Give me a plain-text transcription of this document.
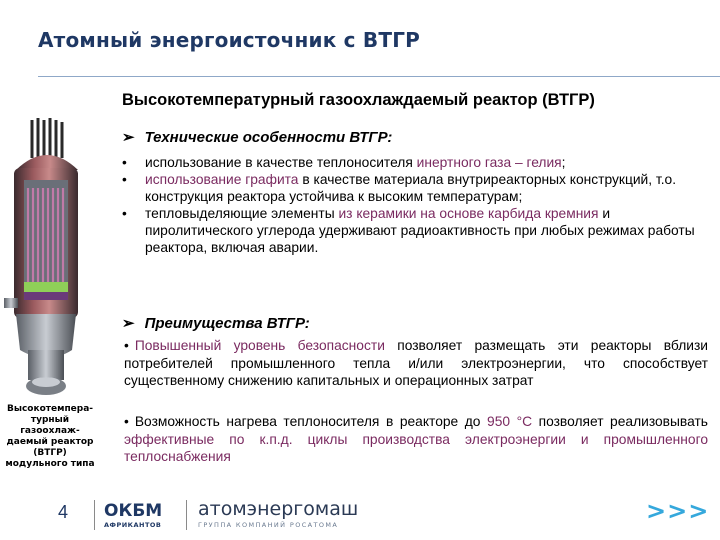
Атомный энергоисточник с ВТГР
Высокотемпературный газоохлаждаемый реактор (ВТГР)
Высокотемпера-турный газоохлаж-даемый реактор (ВТГР) модульного типа
➢ Технические особенности ВТГР:
•	использование в качестве теплоносителя инертного газа – гелия;
•	использование графита в качестве материала внутриреакторных конструкций, т.о. конструкция реактора устойчива к высоким температурам;
•	тепловыделяющие элементы из керамики на основе карбида кремния и пиролитического углерода удерживают радиоактивность при любых режимах работы реактора, включая аварии.
➢ Преимущества ВТГР:
• Повышенный уровень безопасности позволяет размещать эти реакторы вблизи потребителей промышленного тепла и/или электроэнергии, что способствует существенному снижению капитальных и операционных затрат
• Возможность нагрева теплоносителя в реакторе до 950 °С позволяет реализовывать эффективные по к.п.д. циклы производства электроэнергии и промышленного теплоснабжения
4 ОКБМ
АФРИКАНТОВ
атомэнергомаш
ГРУППА КОМПАНИЙ РОСАТОМА	>>>
